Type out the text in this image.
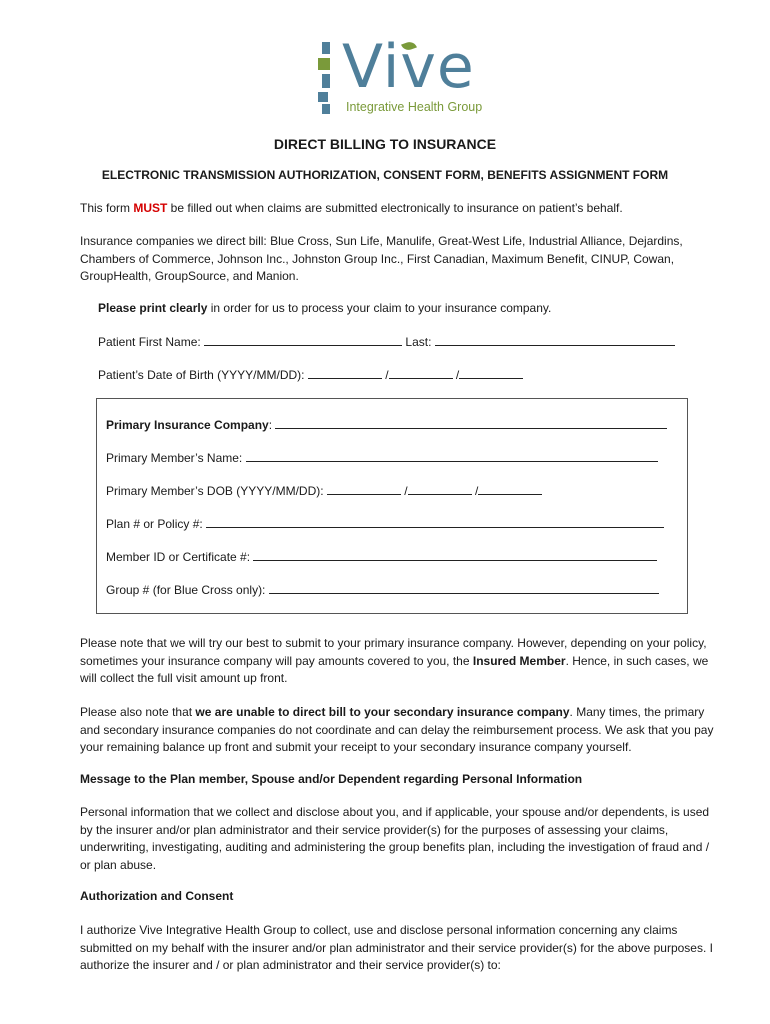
Vive
Integrative Health Group
DIRECT BILLING TO INSURANCE
ELECTRONIC TRANSMISSION AUTHORIZATION, CONSENT FORM, BENEFITS ASSIGNMENT FORM

This form MUST be filled out when claims are submitted electronically to insurance on patient’s behalf.

Insurance companies we direct bill: Blue Cross, Sun Life, Manulife, Great-West Life, Industrial Alliance, Dejardins, Chambers of Commerce, Johnson Inc., Johnston Group Inc., First Canadian, Maximum Benefit, CINUP, Cowan, GroupHealth, GroupSource, and Manion.

Please print clearly in order for us to process your claim to your insurance company.

Patient First Name:	Last:
Patient’s Date of Birth (YYYY/MM/DD):	/	/
Primary Insurance Company:
Primary Member’s Name:
Primary Member’s DOB (YYYY/MM/DD):	/	/
Plan # or Policy #:
Member ID or Certificate #:
Group # (for Blue Cross only):

Please note that we will try our best to submit to your primary insurance company. However, depending on your policy, sometimes your insurance company will pay amounts covered to you, the Insured Member. Hence, in such cases, we will collect the full visit amount up front.

Please also note that we are unable to direct bill to your secondary insurance company. Many times, the primary and secondary insurance companies do not coordinate and can delay the reimbursement process. We ask that you pay your remaining balance up front and submit your receipt to your secondary insurance company yourself.

Message to the Plan member, Spouse and/or Dependent regarding Personal Information

Personal information that we collect and disclose about you, and if applicable, your spouse and/or dependents, is used by the insurer and/or plan administrator and their service provider(s) for the purposes of assessing your claims, underwriting, investigating, auditing and administering the group benefits plan, including the investigation of fraud and / or plan abuse.

Authorization and Consent

I authorize Vive Integrative Health Group to collect, use and disclose personal information concerning any claims submitted on my behalf with the insurer and/or plan administrator and their service provider(s) for the above purposes. I authorize the insurer and / or plan administrator and their service provider(s) to:
